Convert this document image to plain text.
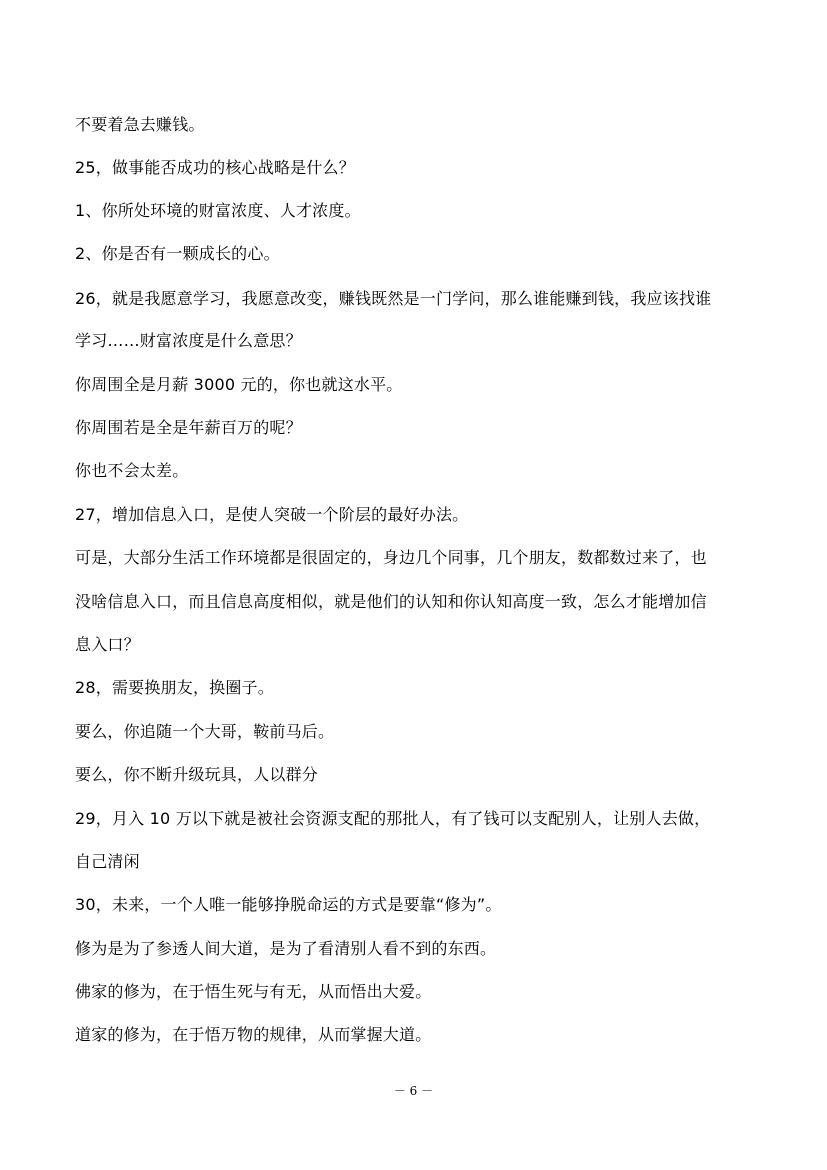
不要着急去赚钱。
25，做事能否成功的核心战略是什么？
1、你所处环境的财富浓度、人才浓度。
2、你是否有一颗成长的心。
26，就是我愿意学习，我愿意改变，赚钱既然是一门学问，那么谁能赚到钱，我应该找谁
学习……财富浓度是什么意思？
你周围全是月薪 3000 元的，你也就这水平。
你周围若是全是年薪百万的呢？
你也不会太差。
27，增加信息入口，是使人突破一个阶层的最好办法。
可是，大部分生活工作环境都是很固定的，身边几个同事，几个朋友，数都数过来了，也
没啥信息入口，而且信息高度相似，就是他们的认知和你认知高度一致，怎么才能增加信
息入口？
28，需要换朋友，换圈子。
要么，你追随一个大哥，鞍前马后。
要么，你不断升级玩具，人以群分
29，月入 10 万以下就是被社会资源支配的那批人，有了钱可以支配别人，让别人去做，
自己清闲
30，未来，一个人唯一能够挣脱命运的方式是要靠“修为”。
修为是为了参透人间大道，是为了看清别人看不到的东西。
佛家的修为，在于悟生死与有无，从而悟出大爱。
道家的修为，在于悟万物的规律，从而掌握大道。
－ 6 －
